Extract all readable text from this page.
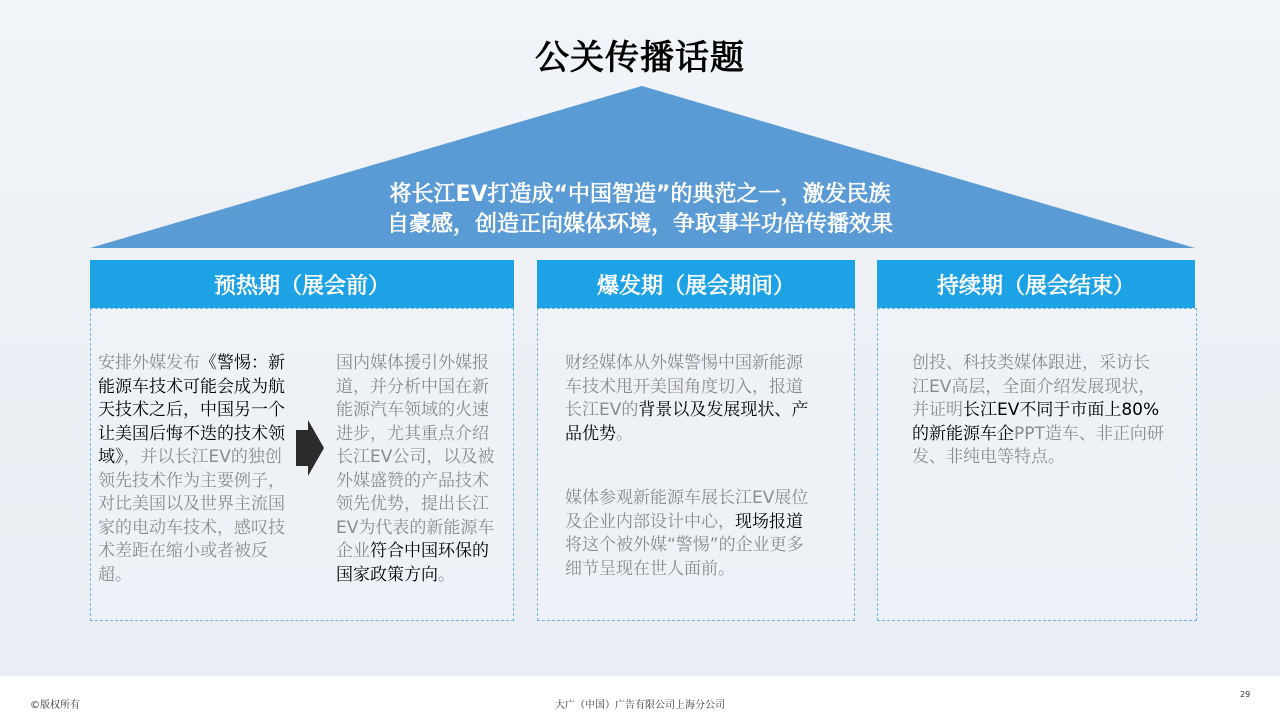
公关传播话题
将长江EV打造成“中国智造”的典范之一，激发民族
自豪感，创造正向媒体环境，争取事半功倍传播效果
预热期（展会前）
安排外媒发布《警惕：新能源车技术可能会成为航天技术之后，中国另一个让美国后悔不迭的技术领域》，并以长江EV的独创领先技术作为主要例子，对比美国以及世界主流国家的电动车技术，感叹技术差距在缩小或者被反超。
国内媒体援引外媒报道，并分析中国在新能源汽车领域的火速进步，尤其重点介绍长江EV公司，以及被外媒盛赞的产品技术领先优势，提出长江EV为代表的新能源车企业符合中国环保的国家政策方向。
爆发期（展会期间）
财经媒体从外媒警惕中国新能源车技术甩开美国角度切入，报道长江EV的背景以及发展现状、产品优势。
媒体参观新能源车展长江EV展位及企业内部设计中心，现场报道将这个被外媒“警惕”的企业更多细节呈现在世人面前。
持续期（展会结束）
创投、科技类媒体跟进，采访长江EV高层，全面介绍发展现状，并证明长江EV不同于市面上80%的新能源车企PPT造车、非正向研发、非纯电等特点。
©版权所有	大广（中国）广告有限公司上海分公司
29
